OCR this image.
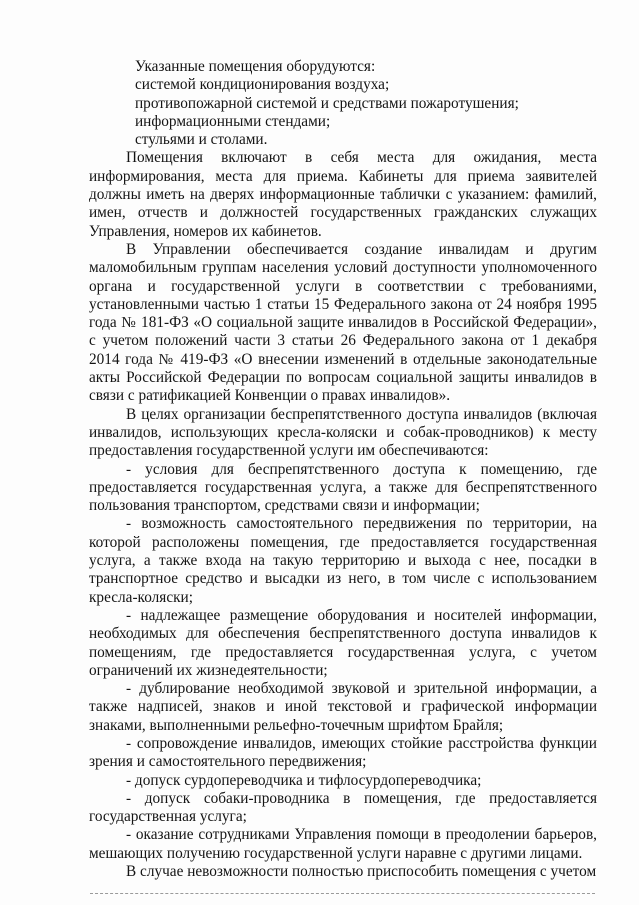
Указанные помещения оборудуются:

системой кондиционирования воздуха;

противопожарной системой и средствами пожаротушения;

информационными стендами;

стульями и столами.

Помещения включают в себя места для ожидания, места информирования, места для приема. Кабинеты для приема заявителей должны иметь на дверях информационные таблички с указанием: фамилий, имен, отчеств и должностей государственных гражданских служащих Управления, номеров их кабинетов.

В Управлении обеспечивается создание инвалидам и другим маломобильным группам населения условий доступности уполномоченного органа и государственной услуги в соответствии с требованиями, установленными частью 1 статьи 15 Федерального закона от 24 ноября 1995 года № 181-ФЗ «О социальной защите инвалидов в Российской Федерации», с учетом положений части 3 статьи 26 Федерального закона от 1 декабря 2014 года № 419-ФЗ «О внесении изменений в отдельные законодательные акты Российской Федерации по вопросам социальной защиты инвалидов в связи с ратификацией Конвенции о правах инвалидов».

В целях организации беспрепятственного доступа инвалидов (включая инвалидов, использующих кресла-коляски и собак-проводников) к месту предоставления государственной услуги им обеспечиваются:

- условия для беспрепятственного доступа к помещению, где предоставляется государственная услуга, а также для беспрепятственного пользования транспортом, средствами связи и информации;

- возможность самостоятельного передвижения по территории, на которой расположены помещения, где предоставляется государственная услуга, а также входа на такую территорию и выхода с нее, посадки в транспортное средство и высадки из него, в том числе с использованием кресла-коляски;

- надлежащее размещение оборудования и носителей информации, необходимых для обеспечения беспрепятственного доступа инвалидов к помещениям, где предоставляется государственная услуга, с учетом ограничений их жизнедеятельности;

- дублирование необходимой звуковой и зрительной информации, а также надписей, знаков и иной текстовой и графической информации знаками, выполненными рельефно-точечным шрифтом Брайля;

- сопровождение инвалидов, имеющих стойкие расстройства функции зрения и самостоятельного передвижения;

- допуск сурдопереводчика и тифлосурдопереводчика;

- допуск собаки-проводника в помещения, где предоставляется государственная услуга;

- оказание сотрудниками Управления помощи в преодолении барьеров, мешающих получению государственной услуги наравне с другими лицами.

В случае невозможности полностью приспособить помещения с учетом
